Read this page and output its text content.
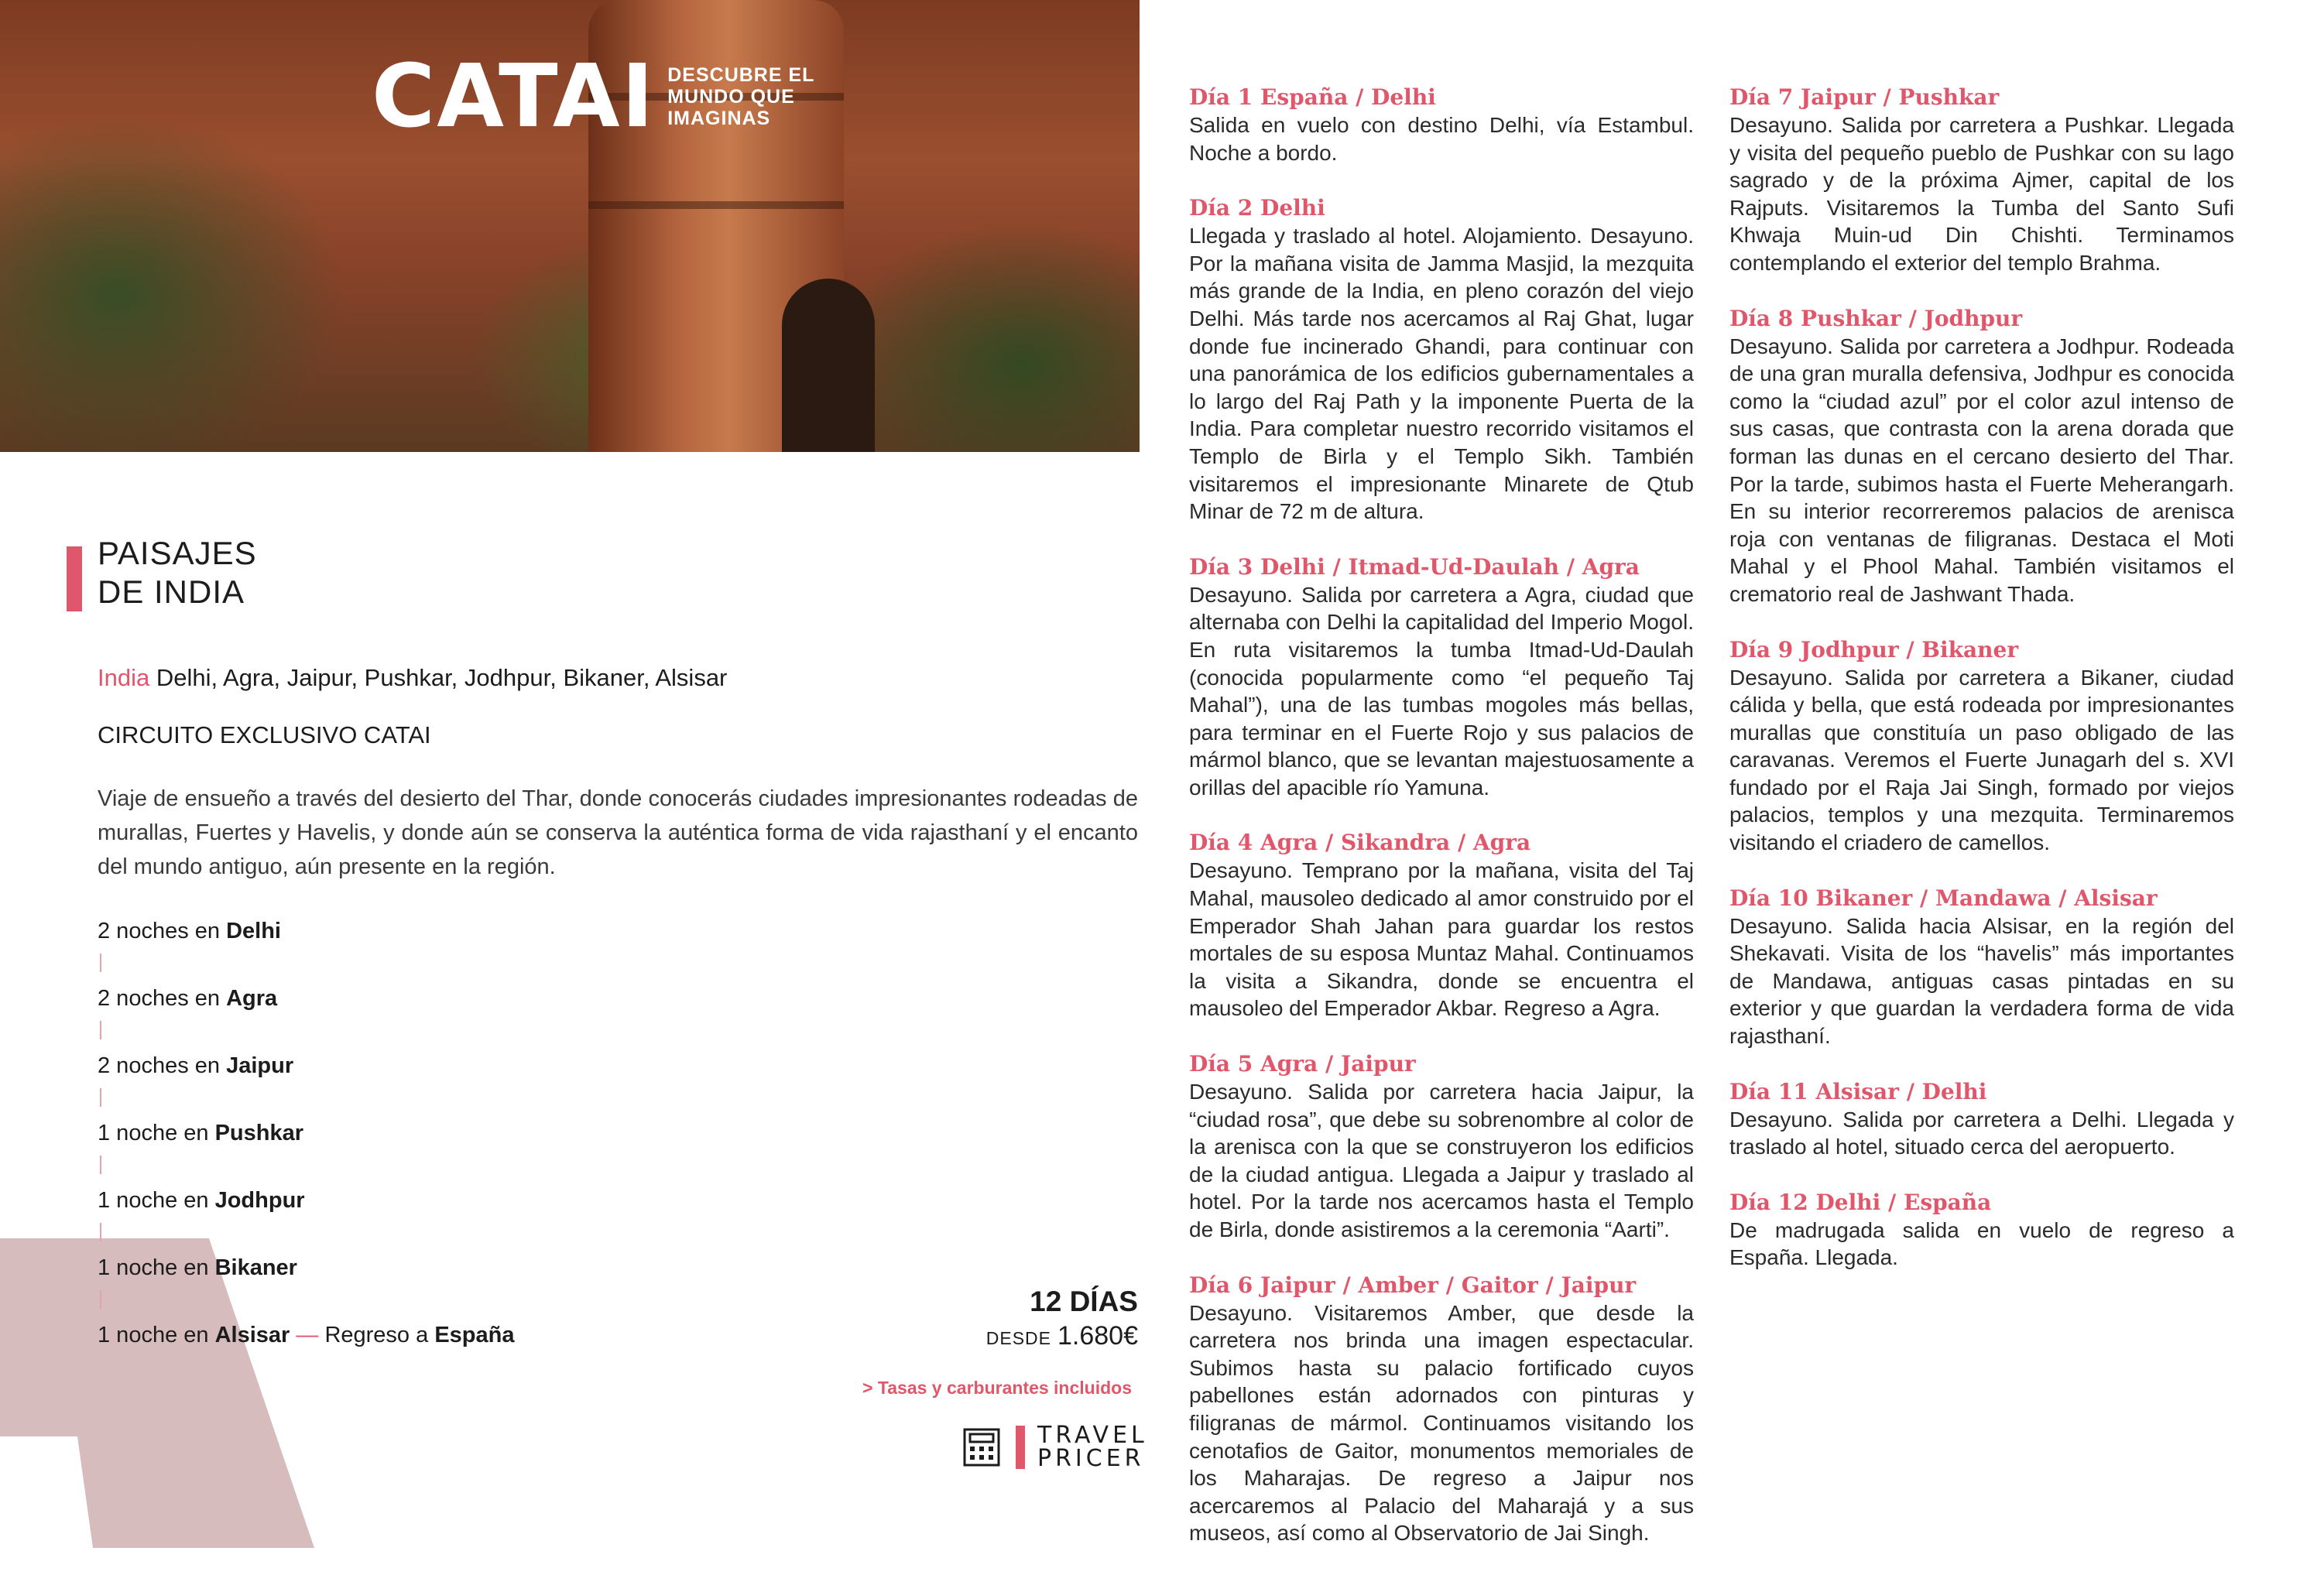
CATAI DESCUBRE EL
MUNDO QUE
IMAGINAS
PAISAJES
DE INDIA
India Delhi, Agra, Jaipur, Pushkar, Jodhpur, Bikaner, Alsisar
CIRCUITO EXCLUSIVO CATAI
Viaje de ensueño a través del desierto del Thar, donde conocerás ciudades impresionantes rodeadas de murallas, Fuertes y Havelis, y donde aún se conserva la auténtica forma de vida rajasthaní y el encanto del mundo antiguo, aún presente en la región.
2 noches en Delhi
2 noches en Agra
2 noches en Jaipur
1 noche en Pushkar
1 noche en Jodhpur
1 noche en Bikaner
1 noche en Alsisar — Regreso a España
12 DÍAS
DESDE 1.680€
> Tasas y carburantes incluidos
TRAVEL
PRICER
Día 1 España / Delhi
Salida en vuelo con destino Delhi, vía Estambul. Noche a bordo.
Día 2 Delhi
Llegada y traslado al hotel. Alojamiento. Desayuno. Por la mañana visita de Jamma Masjid, la mezquita más grande de la India, en pleno corazón del viejo Delhi. Más tarde nos acercamos al Raj Ghat, lugar donde fue incinerado Ghandi, para continuar con una panorámica de los edificios gubernamentales a lo largo del Raj Path y la imponente Puerta de la India. Para completar nuestro recorrido visitamos el Templo de Birla y el Templo Sikh. También visitaremos el impresionante Minarete de Qtub Minar de 72 m de altura.
Día 3 Delhi / Itmad-Ud-Daulah / Agra
Desayuno. Salida por carretera a Agra, ciudad que alternaba con Delhi la capitalidad del Imperio Mogol. En ruta visitaremos la tumba Itmad-Ud-Daulah (conocida popularmente como “el pequeño Taj Mahal”), una de las tumbas mogoles más bellas, para terminar en el Fuerte Rojo y sus palacios de mármol blanco, que se levantan majestuosamente a orillas del apacible río Yamuna.
Día 4 Agra / Sikandra / Agra
Desayuno. Temprano por la mañana, visita del Taj Mahal, mausoleo dedicado al amor construido por el Emperador Shah Jahan para guardar los restos mortales de su esposa Muntaz Mahal. Continuamos la visita a Sikandra, donde se encuentra el mausoleo del Emperador Akbar. Regreso a Agra.
Día 5 Agra / Jaipur
Desayuno. Salida por carretera hacia Jaipur, la “ciudad rosa”, que debe su sobrenombre al color de la arenisca con la que se construyeron los edificios de la ciudad antigua. Llegada a Jaipur y traslado al hotel. Por la tarde nos acercamos hasta el Templo de Birla, donde asistiremos a la ceremonia “Aarti”.
Día 6 Jaipur / Amber / Gaitor / Jaipur
Desayuno. Visitaremos Amber, que desde la carretera nos brinda una imagen espectacular. Subimos hasta su palacio fortificado cuyos pabellones están adornados con pinturas y filigranas de mármol. Continuamos visitando los cenotafios de Gaitor, monumentos memoriales de los Maharajas. De regreso a Jaipur nos acercaremos al Palacio del Maharajá y a sus museos, así como al Observatorio de Jai Singh.
Día 7 Jaipur / Pushkar
Desayuno. Salida por carretera a Pushkar. Llegada y visita del pequeño pueblo de Pushkar con su lago sagrado y de la próxima Ajmer, capital de los Rajputs. Visitaremos la Tumba del Santo Sufi Khwaja Muin-ud Din Chishti. Terminamos contemplando el exterior del templo Brahma.
Día 8 Pushkar / Jodhpur
Desayuno. Salida por carretera a Jodhpur. Rodeada de una gran muralla defensiva, Jodhpur es conocida como la “ciudad azul” por el color azul intenso de sus casas, que contrasta con la arena dorada que forman las dunas en el cercano desierto del Thar. Por la tarde, subimos hasta el Fuerte Meherangarh. En su interior recorreremos palacios de arenisca roja con ventanas de filigranas. Destaca el Moti Mahal y el Phool Mahal. También visitamos el crematorio real de Jashwant Thada.
Día 9 Jodhpur / Bikaner
Desayuno. Salida por carretera a Bikaner, ciudad cálida y bella, que está rodeada por impresionantes murallas que constituía un paso obligado de las caravanas. Veremos el Fuerte Junagarh del s. XVI fundado por el Raja Jai Singh, formado por viejos palacios, templos y una mezquita. Terminaremos visitando el criadero de camellos.
Día 10 Bikaner / Mandawa / Alsisar
Desayuno. Salida hacia Alsisar, en la región del Shekavati. Visita de los “havelis” más importantes de Mandawa, antiguas casas pintadas en su exterior y que guardan la verdadera forma de vida rajasthaní.
Día 11 Alsisar / Delhi
Desayuno. Salida por carretera a Delhi. Llegada y traslado al hotel, situado cerca del aeropuerto.
Día 12 Delhi / España
De madrugada salida en vuelo de regreso a España. Llegada.
